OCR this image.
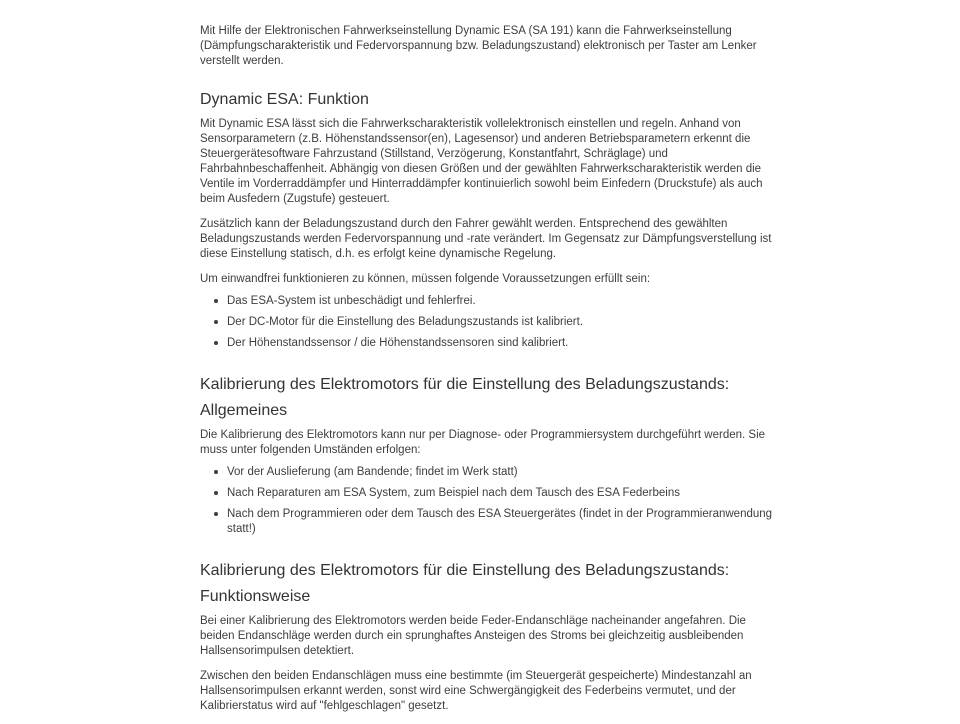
Mit Hilfe der Elektronischen Fahrwerkseinstellung Dynamic ESA (SA 191) kann die Fahrwerkseinstellung (Dämpfungscharakteristik und Federvorspannung bzw. Beladungszustand) elektronisch per Taster am Lenker verstellt werden.

Dynamic ESA: Funktion

Mit Dynamic ESA lässt sich die Fahrwerkscharakteristik vollelektronisch einstellen und regeln. Anhand von Sensorparametern (z.B. Höhenstandssensor(en), Lagesensor) und anderen Betriebsparametern erkennt die Steuergerätesoftware Fahrzustand (Stillstand, Verzögerung, Konstantfahrt, Schräglage) und Fahrbahnbeschaffenheit. Abhängig von diesen Größen und der gewählten Fahrwerkscharakteristik werden die Ventile im Vorderraddämpfer und Hinterraddämpfer kontinuierlich sowohl beim Einfedern (Druckstufe) als auch beim Ausfedern (Zugstufe) gesteuert.

Zusätzlich kann der Beladungszustand durch den Fahrer gewählt werden. Entsprechend des gewählten Beladungszustands werden Federvorspannung und -rate verändert. Im Gegensatz zur Dämpfungsverstellung ist diese Einstellung statisch, d.h. es erfolgt keine dynamische Regelung.

Um einwandfrei funktionieren zu können, müssen folgende Voraussetzungen erfüllt sein:

Das ESA-System ist unbeschädigt und fehlerfrei.
Der DC-Motor für die Einstellung des Beladungszustands ist kalibriert.
Der Höhenstandssensor / die Höhenstandssensoren sind kalibriert.
Kalibrierung des Elektromotors für die Einstellung des Beladungszustands:
Allgemeines

Die Kalibrierung des Elektromotors kann nur per Diagnose- oder Programmiersystem durchgeführt werden. Sie muss unter folgenden Umständen erfolgen:

Vor der Auslieferung (am Bandende; findet im Werk statt)
Nach Reparaturen am ESA System, zum Beispiel nach dem Tausch des ESA Federbeins
Nach dem Programmieren oder dem Tausch des ESA Steuergerätes (findet in der Programmieranwendung statt!)
Kalibrierung des Elektromotors für die Einstellung des Beladungszustands:
Funktionsweise

Bei einer Kalibrierung des Elektromotors werden beide Feder-Endanschläge nacheinander angefahren. Die beiden Endanschläge werden durch ein sprunghaftes Ansteigen des Stroms bei gleichzeitig ausbleibenden Hallsensorimpulsen detektiert.

Zwischen den beiden Endanschlägen muss eine bestimmte (im Steuergerät gespeicherte) Mindestanzahl an Hallsensorimpulsen erkannt werden, sonst wird eine Schwergängigkeit des Federbeins vermutet, und der Kalibrierstatus wird auf "fehlgeschlagen" gesetzt.
